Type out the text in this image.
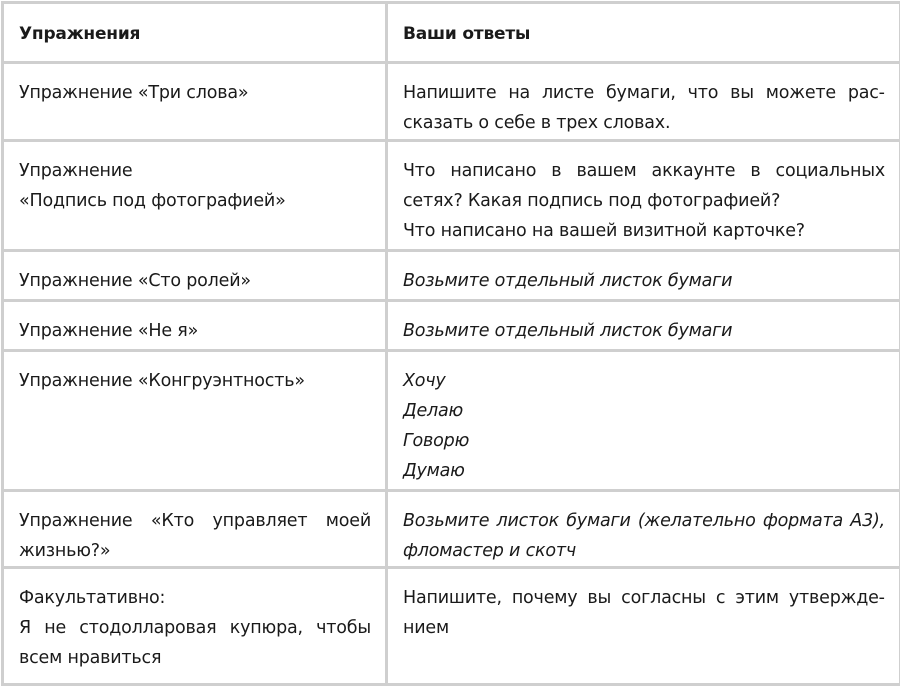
Упражнения	Ваши ответы

Упражнение «Три слова»	Напишите на листе бумаги, что вы можете рассказать о себе в трех словах.

Упражнение
«Подпись под фотографией»	Что написано в вашем аккаунте в социальных сетях? Какая подпись под фотографией?
Что написано на вашей визитной карточке?

Упражнение «Сто ролей»	Возьмите отдельный листок бумаги

Упражнение «Не я»	Возьмите отдельный листок бумаги

Упражнение «Конгруэнтность»	Хочу
Делаю
Говорю
Думаю

Упражнение «Кто управляет моей жизнью?»	Возьмите листок бумаги (желательно формата А3), фломастер и скотч

Факультативно:
Я не стодолларовая купюра, чтобы всем нравиться	Напишите, почему вы согласны с этим утверждением
